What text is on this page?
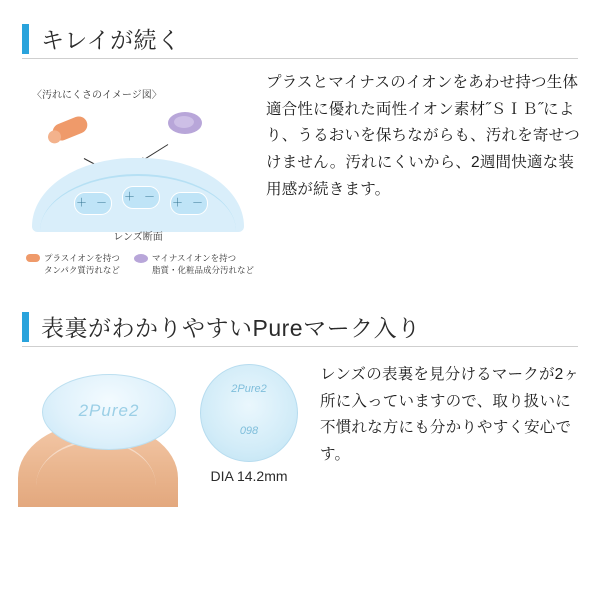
キレイが続く
〈汚れにくさのイメージ図〉
＋ － ＋ － ＋ －
レンズ断面
プラスイオンを持つ
タンパク質汚れなど
マイナスイオンを持つ
脂質・化粧品成分汚れなど
プラスとマイナスのイオンをあわせ持つ生体適合性に優れた両性イオン素材˝ＳＩＢ˝により、うるおいを保ちながらも、汚れを寄せつけません。汚れにくいから、2週間快適な装用感が続きます。
表裏がわかりやすいPureマーク入り
2Pure2
2Pure2
098
DIA 14.2mm
レンズの表裏を見分けるマークが2ヶ所に入っていますので、取り扱いに不慣れな方にも分かりやすく安心です。
